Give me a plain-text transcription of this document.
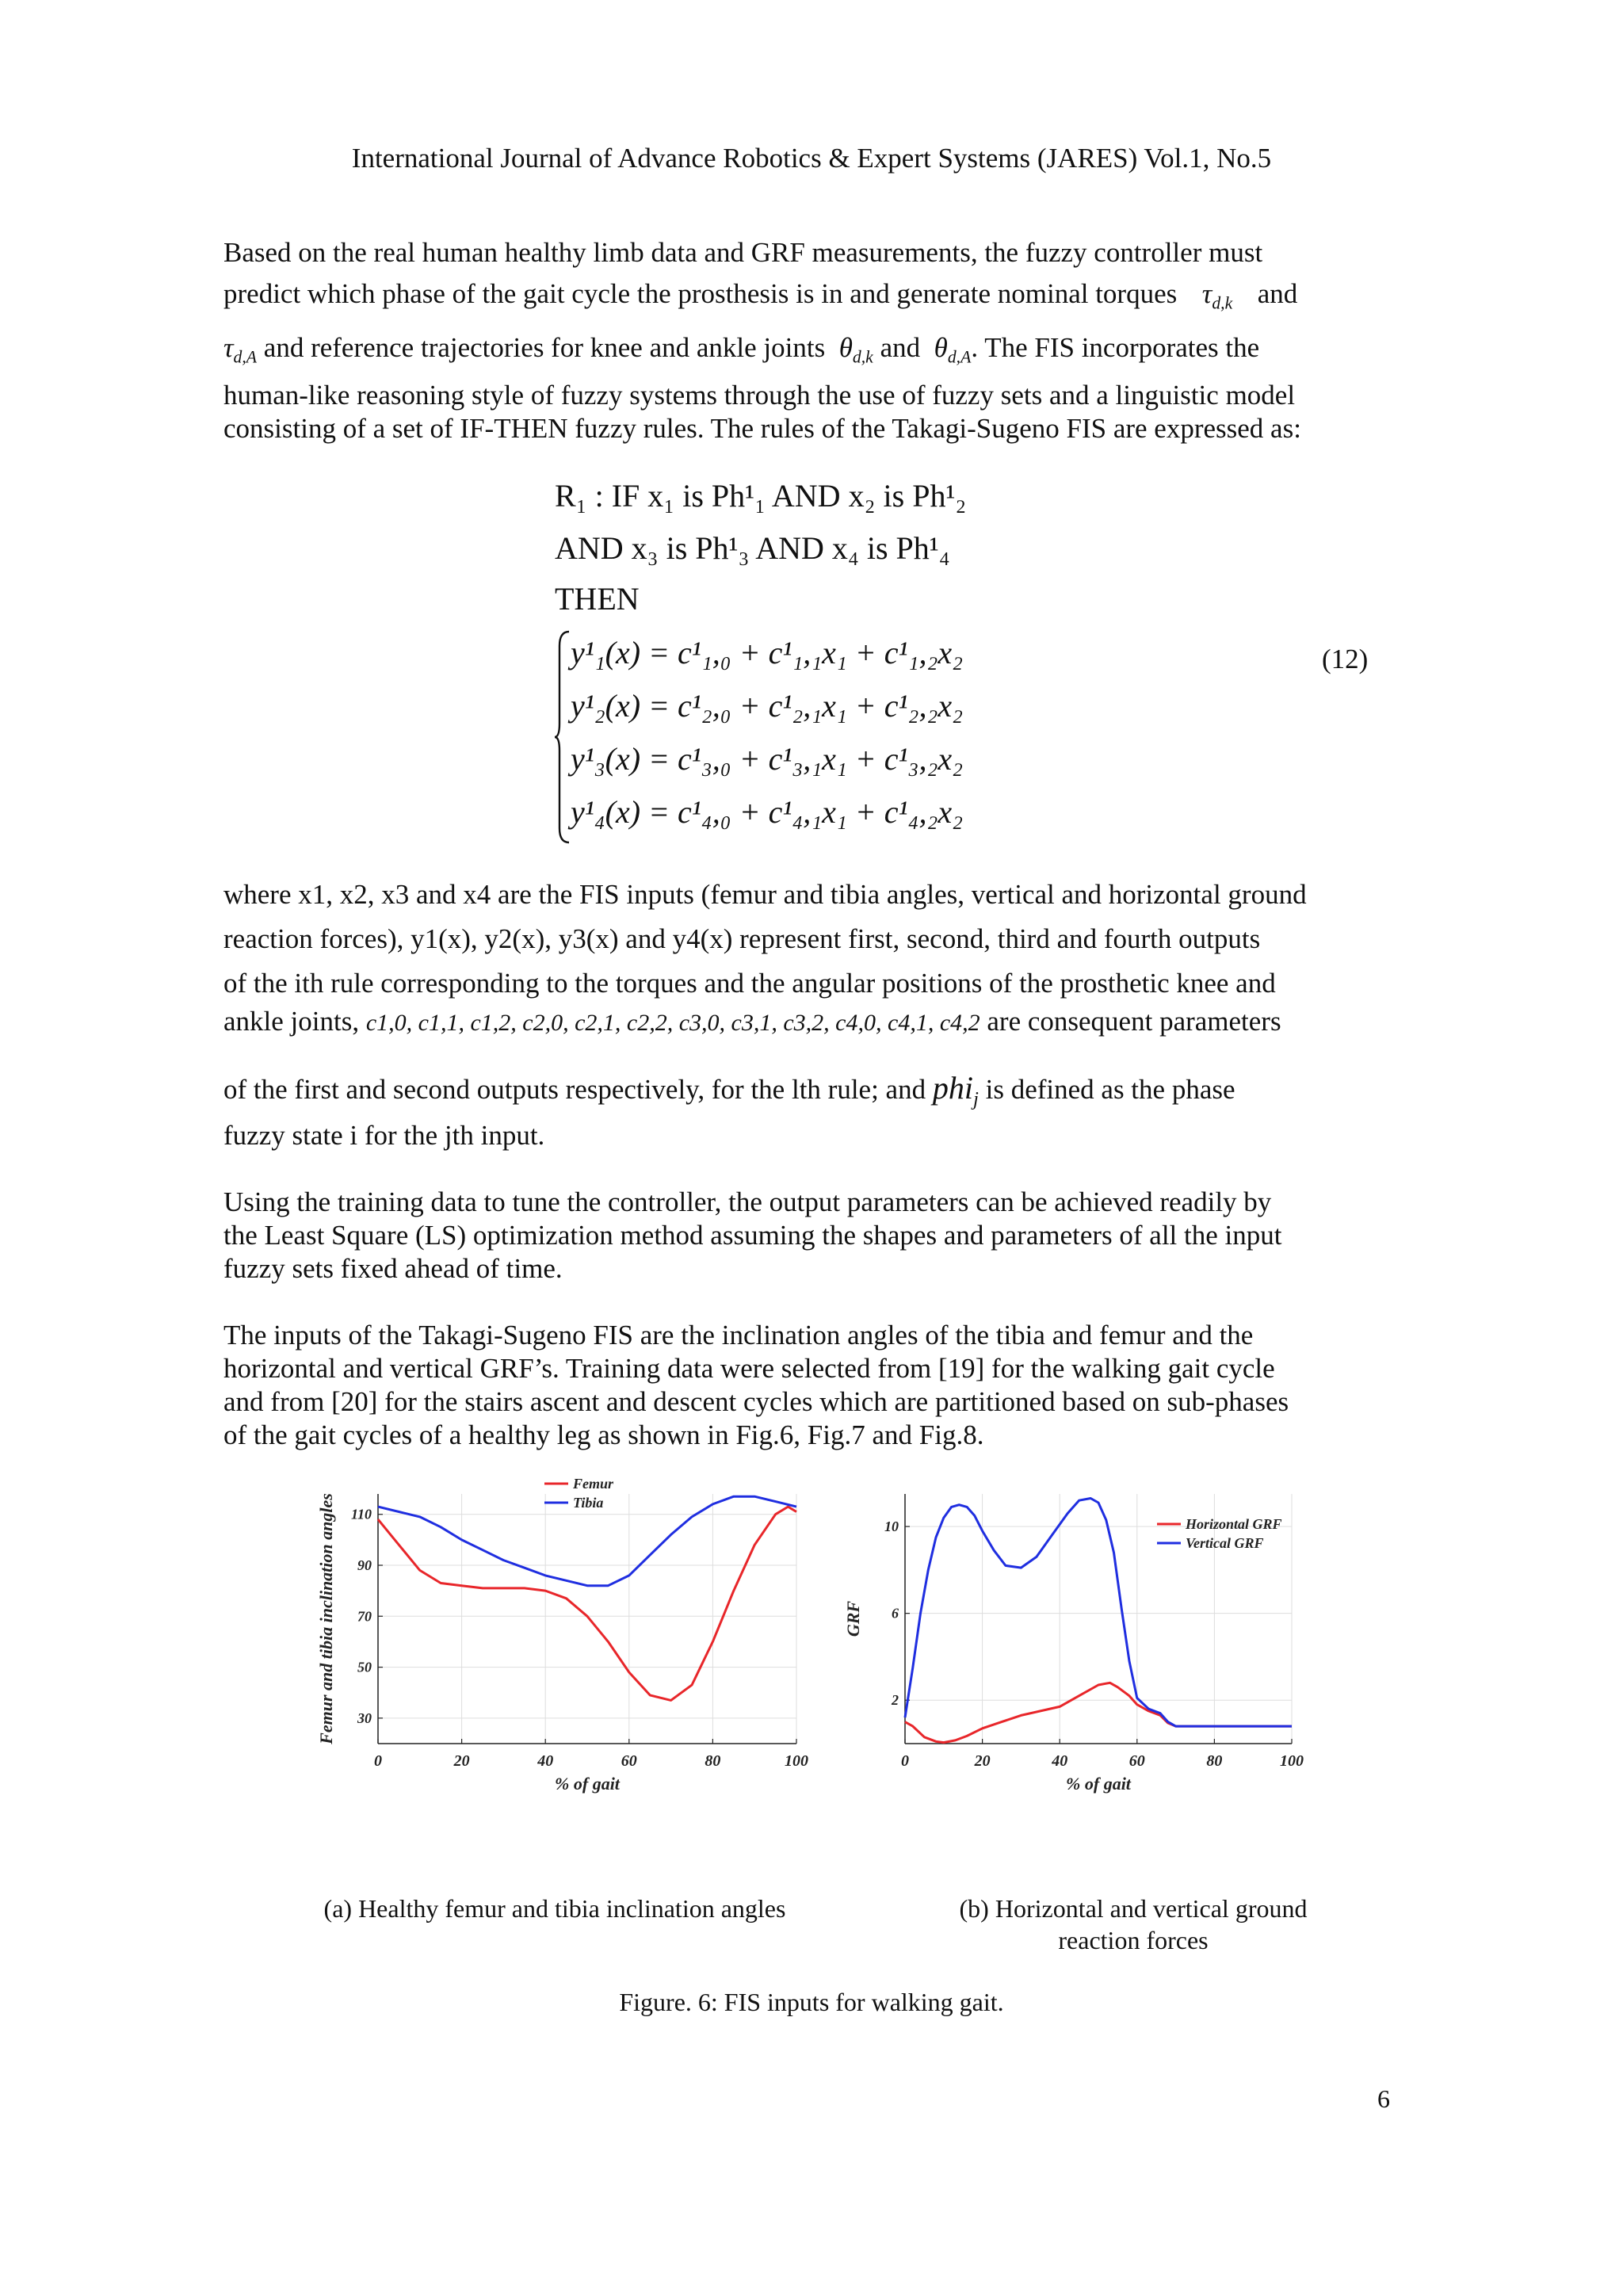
International Journal of Advance Robotics & Expert Systems (JARES) Vol.1, No.5
Based on the real human healthy limb data and GRF measurements, the fuzzy controller must
predict which phase of the gait cycle the prosthesis is in and generate nominal torques $\tau_{d,k}$ and
$\tau_{d,A}$ and reference trajectories for knee and ankle joints  $\theta_{d,k}$ and  $\theta_{d,A}$. The FIS incorporates the
human-like reasoning style of fuzzy systems through the use of fuzzy sets and a linguistic model
consisting of a set of IF-THEN fuzzy rules. The rules of the Takagi-Sugeno FIS are expressed as:
R₁ : IF x₁ is Ph¹₁ AND x₂ is Ph¹₂
AND x₃ is Ph¹₃ AND x₄ is Ph¹₄
THEN
y¹₁(x) = c¹₁,₀ + c¹₁,₁x₁ + c¹₁,₂x₂
y¹₂(x) = c¹₂,₀ + c¹₂,₁x₁ + c¹₂,₂x₂
y¹₃(x) = c¹₃,₀ + c¹₃,₁x₁ + c¹₃,₂x₂
y¹₄(x) = c¹₄,₀ + c¹₄,₁x₁ + c¹₄,₂x₂
(12)
where x1, x2, x3 and x4 are the FIS inputs (femur and tibia angles, vertical and horizontal ground
reaction forces), y1(x), y2(x), y3(x) and y4(x) represent first, second, third and fourth outputs
of the ith rule corresponding to the torques and the angular positions of the prosthetic knee and
ankle joints, c1,0, c1,1, c1,2, c2,0, c2,1, c2,2, c3,0, c3,1, c3,2, c4,0, c4,1, c4,2 are consequent parameters
of the first and second outputs respectively, for the lth rule; and phi$_j$ is defined as the phase
fuzzy state i for the jth input.
Using the training data to tune the controller, the output parameters can be achieved readily by
the Least Square (LS) optimization method assuming the shapes and parameters of all the input
fuzzy sets fixed ahead of time.
The inputs of the Takagi-Sugeno FIS are the inclination angles of the tibia and femur and the
horizontal and vertical GRF’s. Training data were selected from [19] for the walking gait cycle
and from [20] for the stairs ascent and descent cycles which are partitioned based on sub-phases
of the gait cycles of a healthy leg as shown in Fig.6, Fig.7 and Fig.8.
0	20	40	60	80	100
30
50
70
90
110
% of gait
Femur and tibia inclination angles
Femur
Tibia
0	20	40	60	80	100
2
6
10
% of gait
GRF
Horizontal GRF
Vertical GRF
(a) Healthy femur and tibia inclination angles	(b) Horizontal and vertical ground
reaction forces
Figure. 6: FIS inputs for walking gait.
6
